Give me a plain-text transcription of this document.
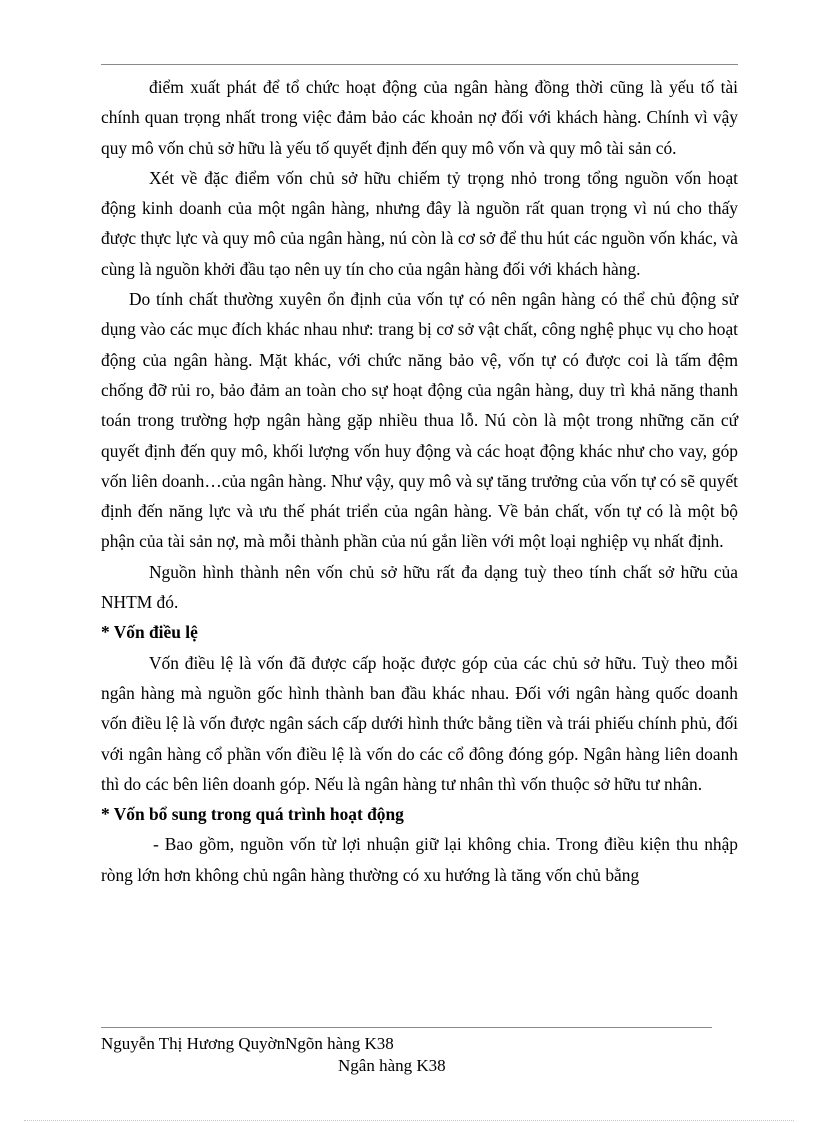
điểm xuất phát để tổ chức hoạt động của ngân hàng đồng thời cũng là yếu tố tài chính quan trọng nhất trong việc đảm bảo các khoản nợ đối với khách hàng. Chính vì vậy quy mô vốn chủ sở hữu là yếu tố quyết định đến quy mô vốn và quy mô tài sản có.

Xét về đặc điểm vốn chủ sở hữu chiếm tỷ trọng nhỏ trong tổng nguồn vốn hoạt động kinh doanh của một ngân hàng, nhưng đây là nguồn rất quan trọng vì nú cho thấy được thực lực và quy mô của ngân hàng, nú còn là cơ sở để thu hút các nguồn vốn khác, và cùng là nguồn khởi đầu tạo nên uy tín cho của ngân hàng đối với khách hàng.

Do tính chất thường xuyên ổn định của vốn tự có nên ngân hàng có thể chủ động sử dụng vào các mục đích khác nhau như: trang bị cơ sở vật chất, công nghệ phục vụ cho hoạt động của ngân hàng. Mặt khác, với chức năng bảo vệ, vốn tự có được coi là tấm đệm chống đỡ rủi ro, bảo đảm an toàn cho sự hoạt động của ngân hàng, duy trì khả năng thanh toán trong trường hợp ngân hàng gặp nhiều thua lỗ. Nú còn là một trong những căn cứ quyết định đến quy mô, khối lượng vốn huy động và các hoạt động khác như cho vay, góp vốn liên doanh…của ngân hàng. Như vậy, quy mô và sự tăng trưởng của vốn tự có sẽ quyết định đến năng lực và ưu thế phát triển của ngân hàng. Về bản chất, vốn tự có là một bộ phận của tài sản nợ, mà mỗi thành phần của nú gắn liền với một loại nghiệp vụ nhất định.

Nguồn hình thành nên vốn chủ sở hữu rất đa dạng tuỳ theo tính chất sở hữu của NHTM đó.

* Vốn điều lệ

Vốn điều lệ là vốn đã được cấp hoặc được góp của các chủ sở hữu. Tuỳ theo mỗi ngân hàng mà nguồn gốc hình thành ban đầu khác nhau. Đối với ngân hàng quốc doanh vốn điều lệ là vốn được ngân sách cấp dưới hình thức bằng tiền và trái phiếu chính phủ, đối với ngân hàng cổ phần vốn điều lệ là vốn do các cổ đông đóng góp. Ngân hàng liên doanh thì do các bên liên doanh góp. Nếu là ngân hàng tư nhân thì vốn thuộc sở hữu tư nhân.

* Vốn bổ sung trong quá trình hoạt động

- Bao gồm, nguồn vốn từ lợi nhuận giữ lại không chia. Trong điều kiện thu nhập ròng lớn hơn không chủ ngân hàng thường có xu hướng là tăng vốn chủ bằng

Nguyễn Thị Hương QuyờnNgõn hàng K38
Ngân hàng K38
